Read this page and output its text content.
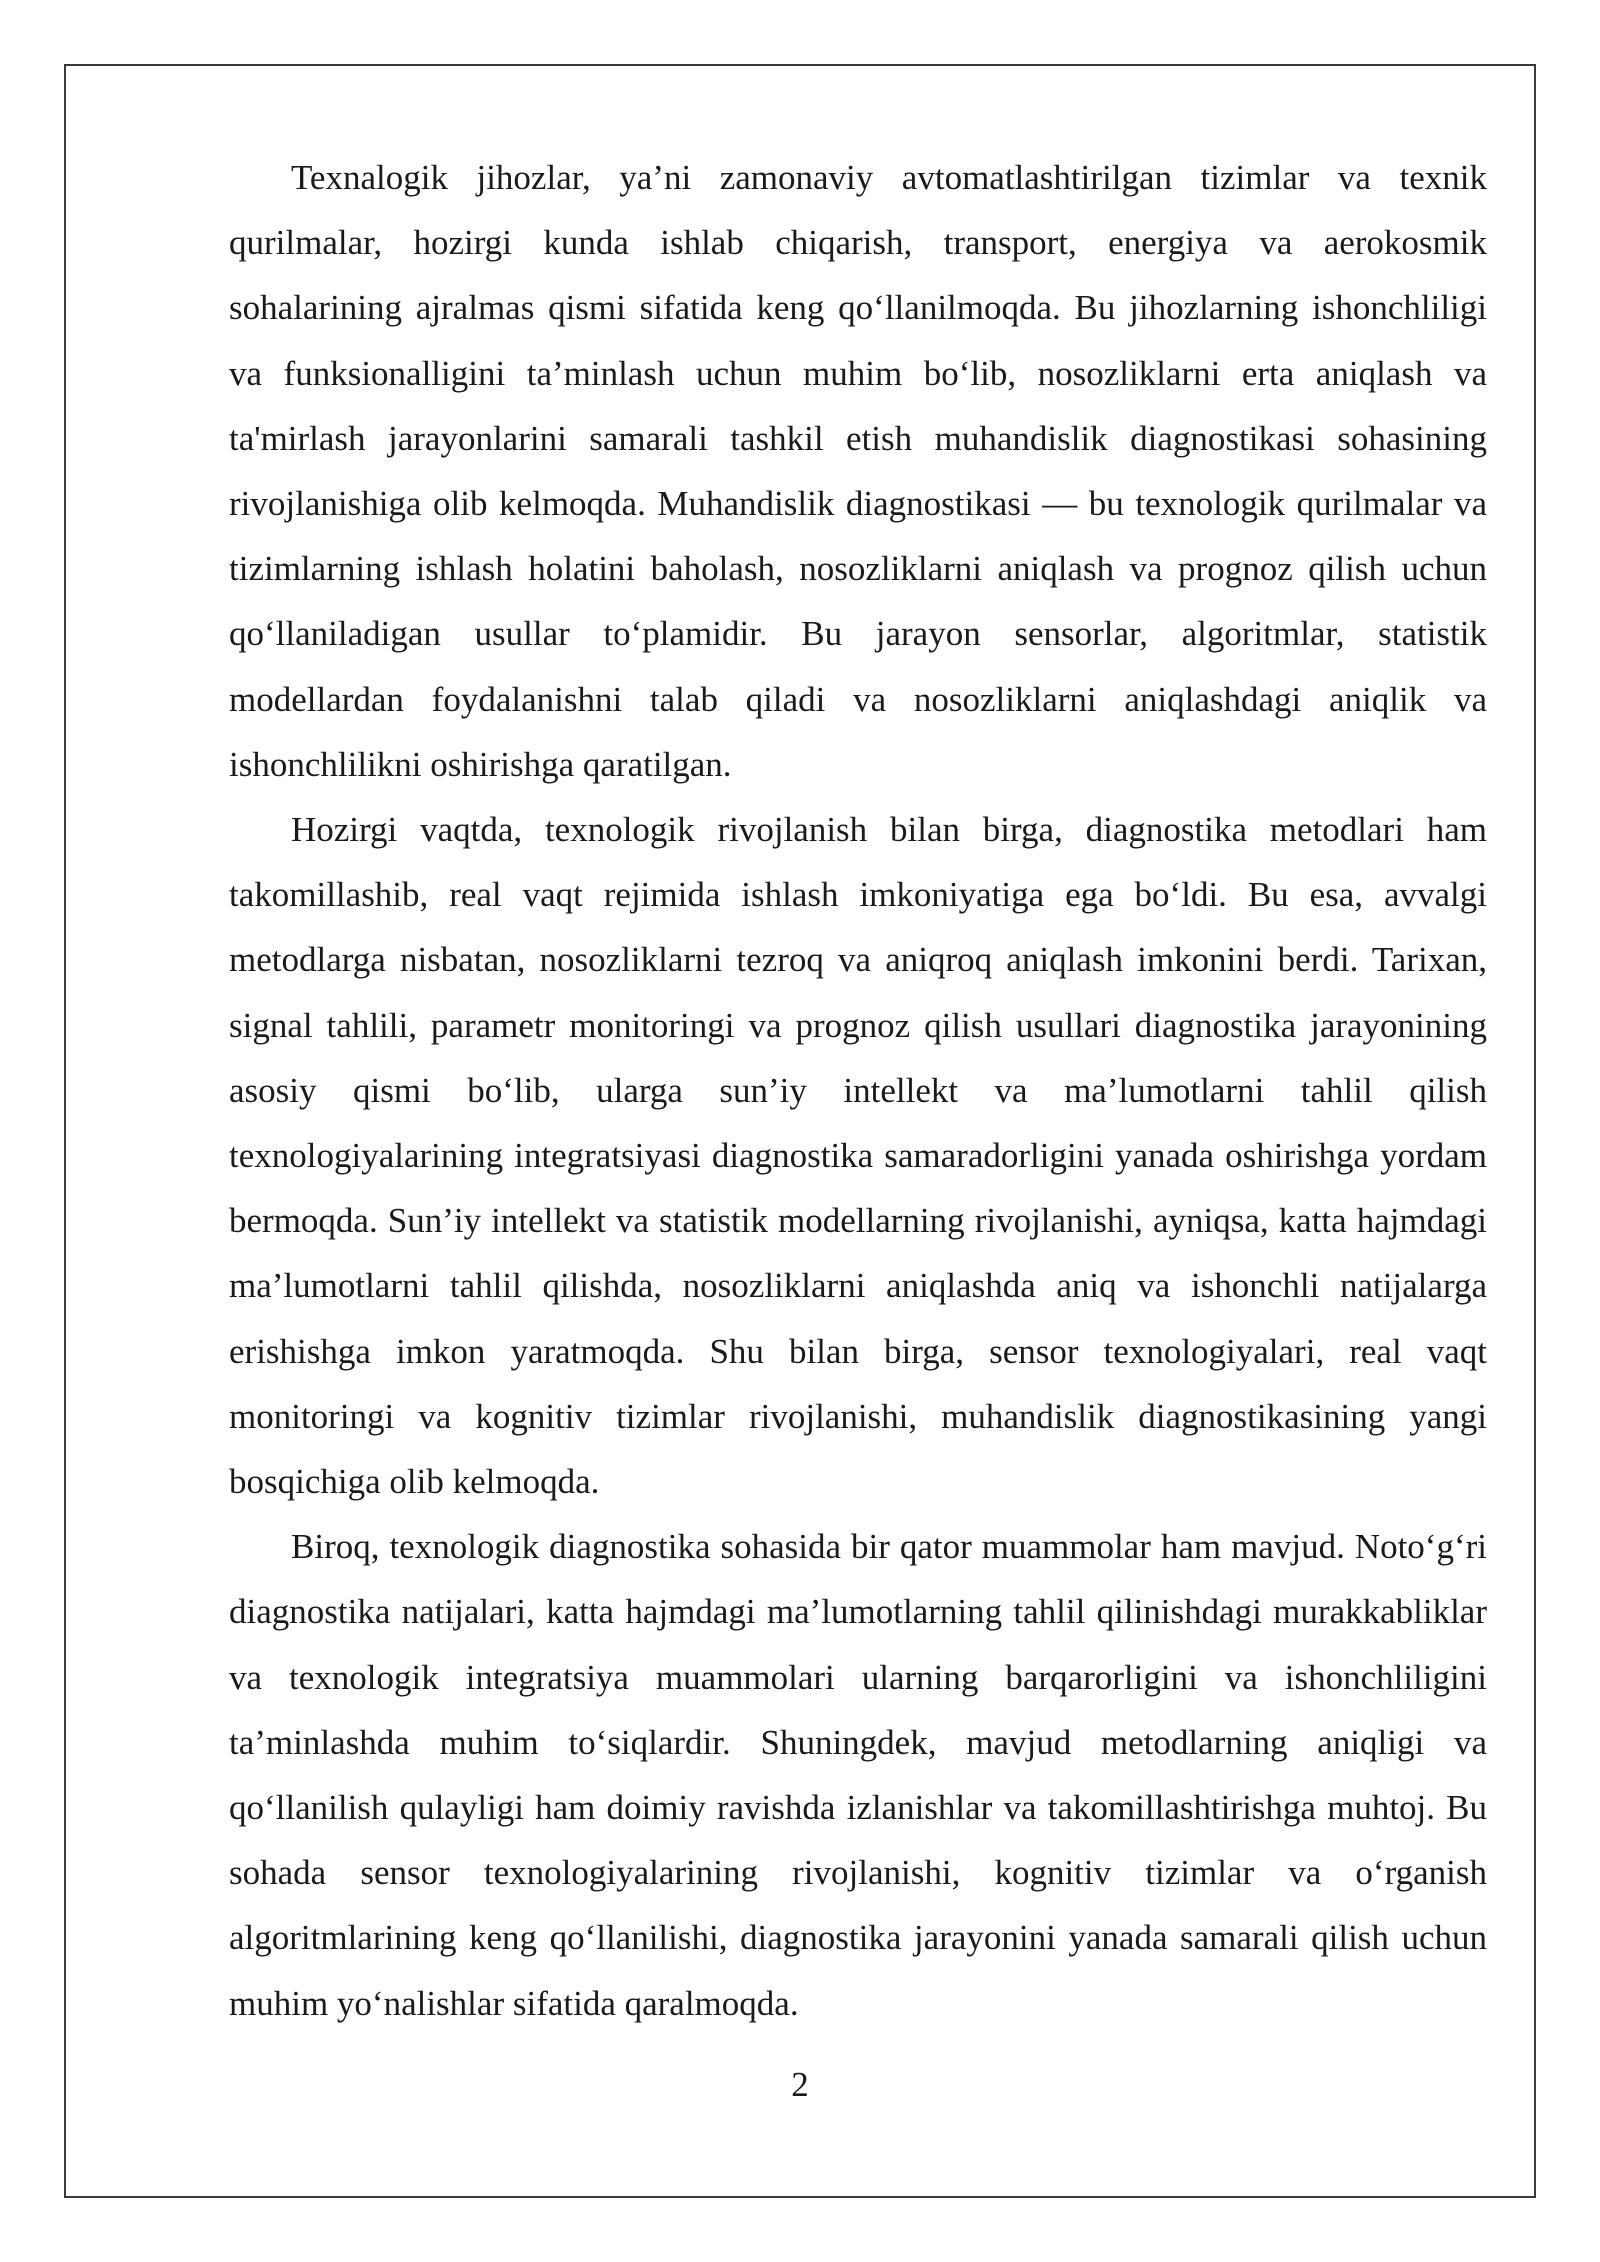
Texnalogik jihozlar, ya’ni zamonaviy avtomatlashtirilgan tizimlar va texnik qurilmalar, hozirgi kunda ishlab chiqarish, transport, energiya va aerokosmik sohalarining ajralmas qismi sifatida keng qo‘llanilmoqda. Bu jihozlarning ishonchliligi va funksionalligini ta’minlash uchun muhim bo‘lib, nosozliklarni erta aniqlash va ta'mirlash jarayonlarini samarali tashkil etish muhandislik diagnostikasi sohasining rivojlanishiga olib kelmoqda. Muhandislik diagnostikasi — bu texnologik qurilmalar va tizimlarning ishlash holatini baholash, nosozliklarni aniqlash va prognoz qilish uchun qo‘llaniladigan usullar to‘plamidir. Bu jarayon sensorlar, algoritmlar, statistik modellardan foydalanishni talab qiladi va nosozliklarni aniqlashdagi aniqlik va ishonchlilikni oshirishga qaratilgan.

Hozirgi vaqtda, texnologik rivojlanish bilan birga, diagnostika metodlari ham takomillashib, real vaqt rejimida ishlash imkoniyatiga ega bo‘ldi. Bu esa, avvalgi metodlarga nisbatan, nosozliklarni tezroq va aniqroq aniqlash imkonini berdi. Tarixan, signal tahlili, parametr monitoringi va prognoz qilish usullari diagnostika jarayonining asosiy qismi bo‘lib, ularga sun’iy intellekt va ma’lumotlarni tahlil qilish texnologiyalarining integratsiyasi diagnostika samaradorligini yanada oshirishga yordam bermoqda. Sun’iy intellekt va statistik modellarning rivojlanishi, ayniqsa, katta hajmdagi ma’lumotlarni tahlil qilishda, nosozliklarni aniqlashda aniq va ishonchli natijalarga erishishga imkon yaratmoqda. Shu bilan birga, sensor texnologiyalari, real vaqt monitoringi va kognitiv tizimlar rivojlanishi, muhandislik diagnostikasining yangi bosqichiga olib kelmoqda.

Biroq, texnologik diagnostika sohasida bir qator muammolar ham mavjud. Noto‘g‘ri diagnostika natijalari, katta hajmdagi ma’lumotlarning tahlil qilinishdagi murakkabliklar va texnologik integratsiya muammolari ularning barqarorligini va ishonchliligini ta’minlashda muhim to‘siqlardir. Shuningdek, mavjud metodlarning aniqligi va qo‘llanilish qulayligi ham doimiy ravishda izlanishlar va takomillashtirishga muhtoj. Bu sohada sensor texnologiyalarining rivojlanishi, kognitiv tizimlar va o‘rganish algoritmlarining keng qo‘llanilishi, diagnostika jarayonini yanada samarali qilish uchun muhim yo‘nalishlar sifatida qaralmoqda.

2
